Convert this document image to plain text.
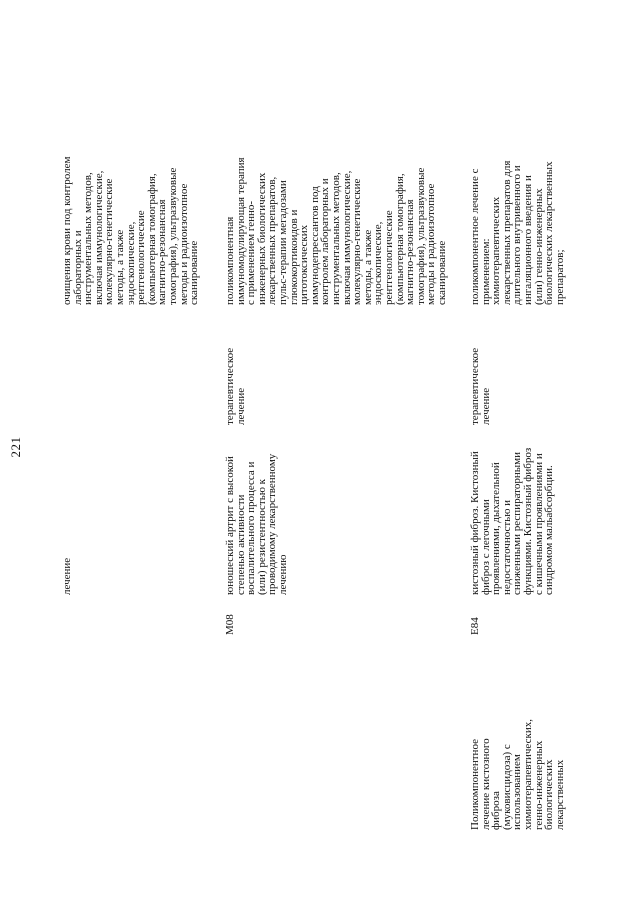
221
лечение
очищения крови под контролем лабораторных и инструментальных методов, включая иммунологические, молекулярно-генетические методы, а также эндоскопические, рентгенологические (компьютерная томография, магнитно-резонансная томография), ультразвуковые методы и радиоизотопное сканирование
M08
юношеский артрит с высокой степенью активности воспалительного процесса и (или) резистентностью к проводимому лекарственному лечению
терапевтическое лечение
поликомпонентная иммуномодулирующая терапия с применением генно-инженерных биологических лекарственных препаратов, пульс-терапии мегадозами глюкокортикоидов и цитотоксических иммунодепрессантов под контролем лабораторных и инструментальных методов, включая иммунологические, молекулярно-генетические методы, а также эндоскопические, рентгенологические (компьютерная томография, магнитно-резонансная томография), ультразвуковые методы и радиоизотопное сканирование
Поликомпонентное лечение кистозного фиброза (муковисцидоза) с использованием химиотерапевтических, генно-инженерных биологических лекарственных
E84
кистозный фиброз. Кистозный фиброз с легочными проявлениями, дыхательной недостаточностью и сниженными респираторными функциями. Кистозный фиброз с кишечными проявлениями и синдромом мальабсорбции.
терапевтическое лечение
поликомпонентное лечение с применением: химиотерапевтических лекарственных препаратов для длительного внутривенного и ингаляционного введения и (или) генно-инженерных биологических лекарственных препаратов;
